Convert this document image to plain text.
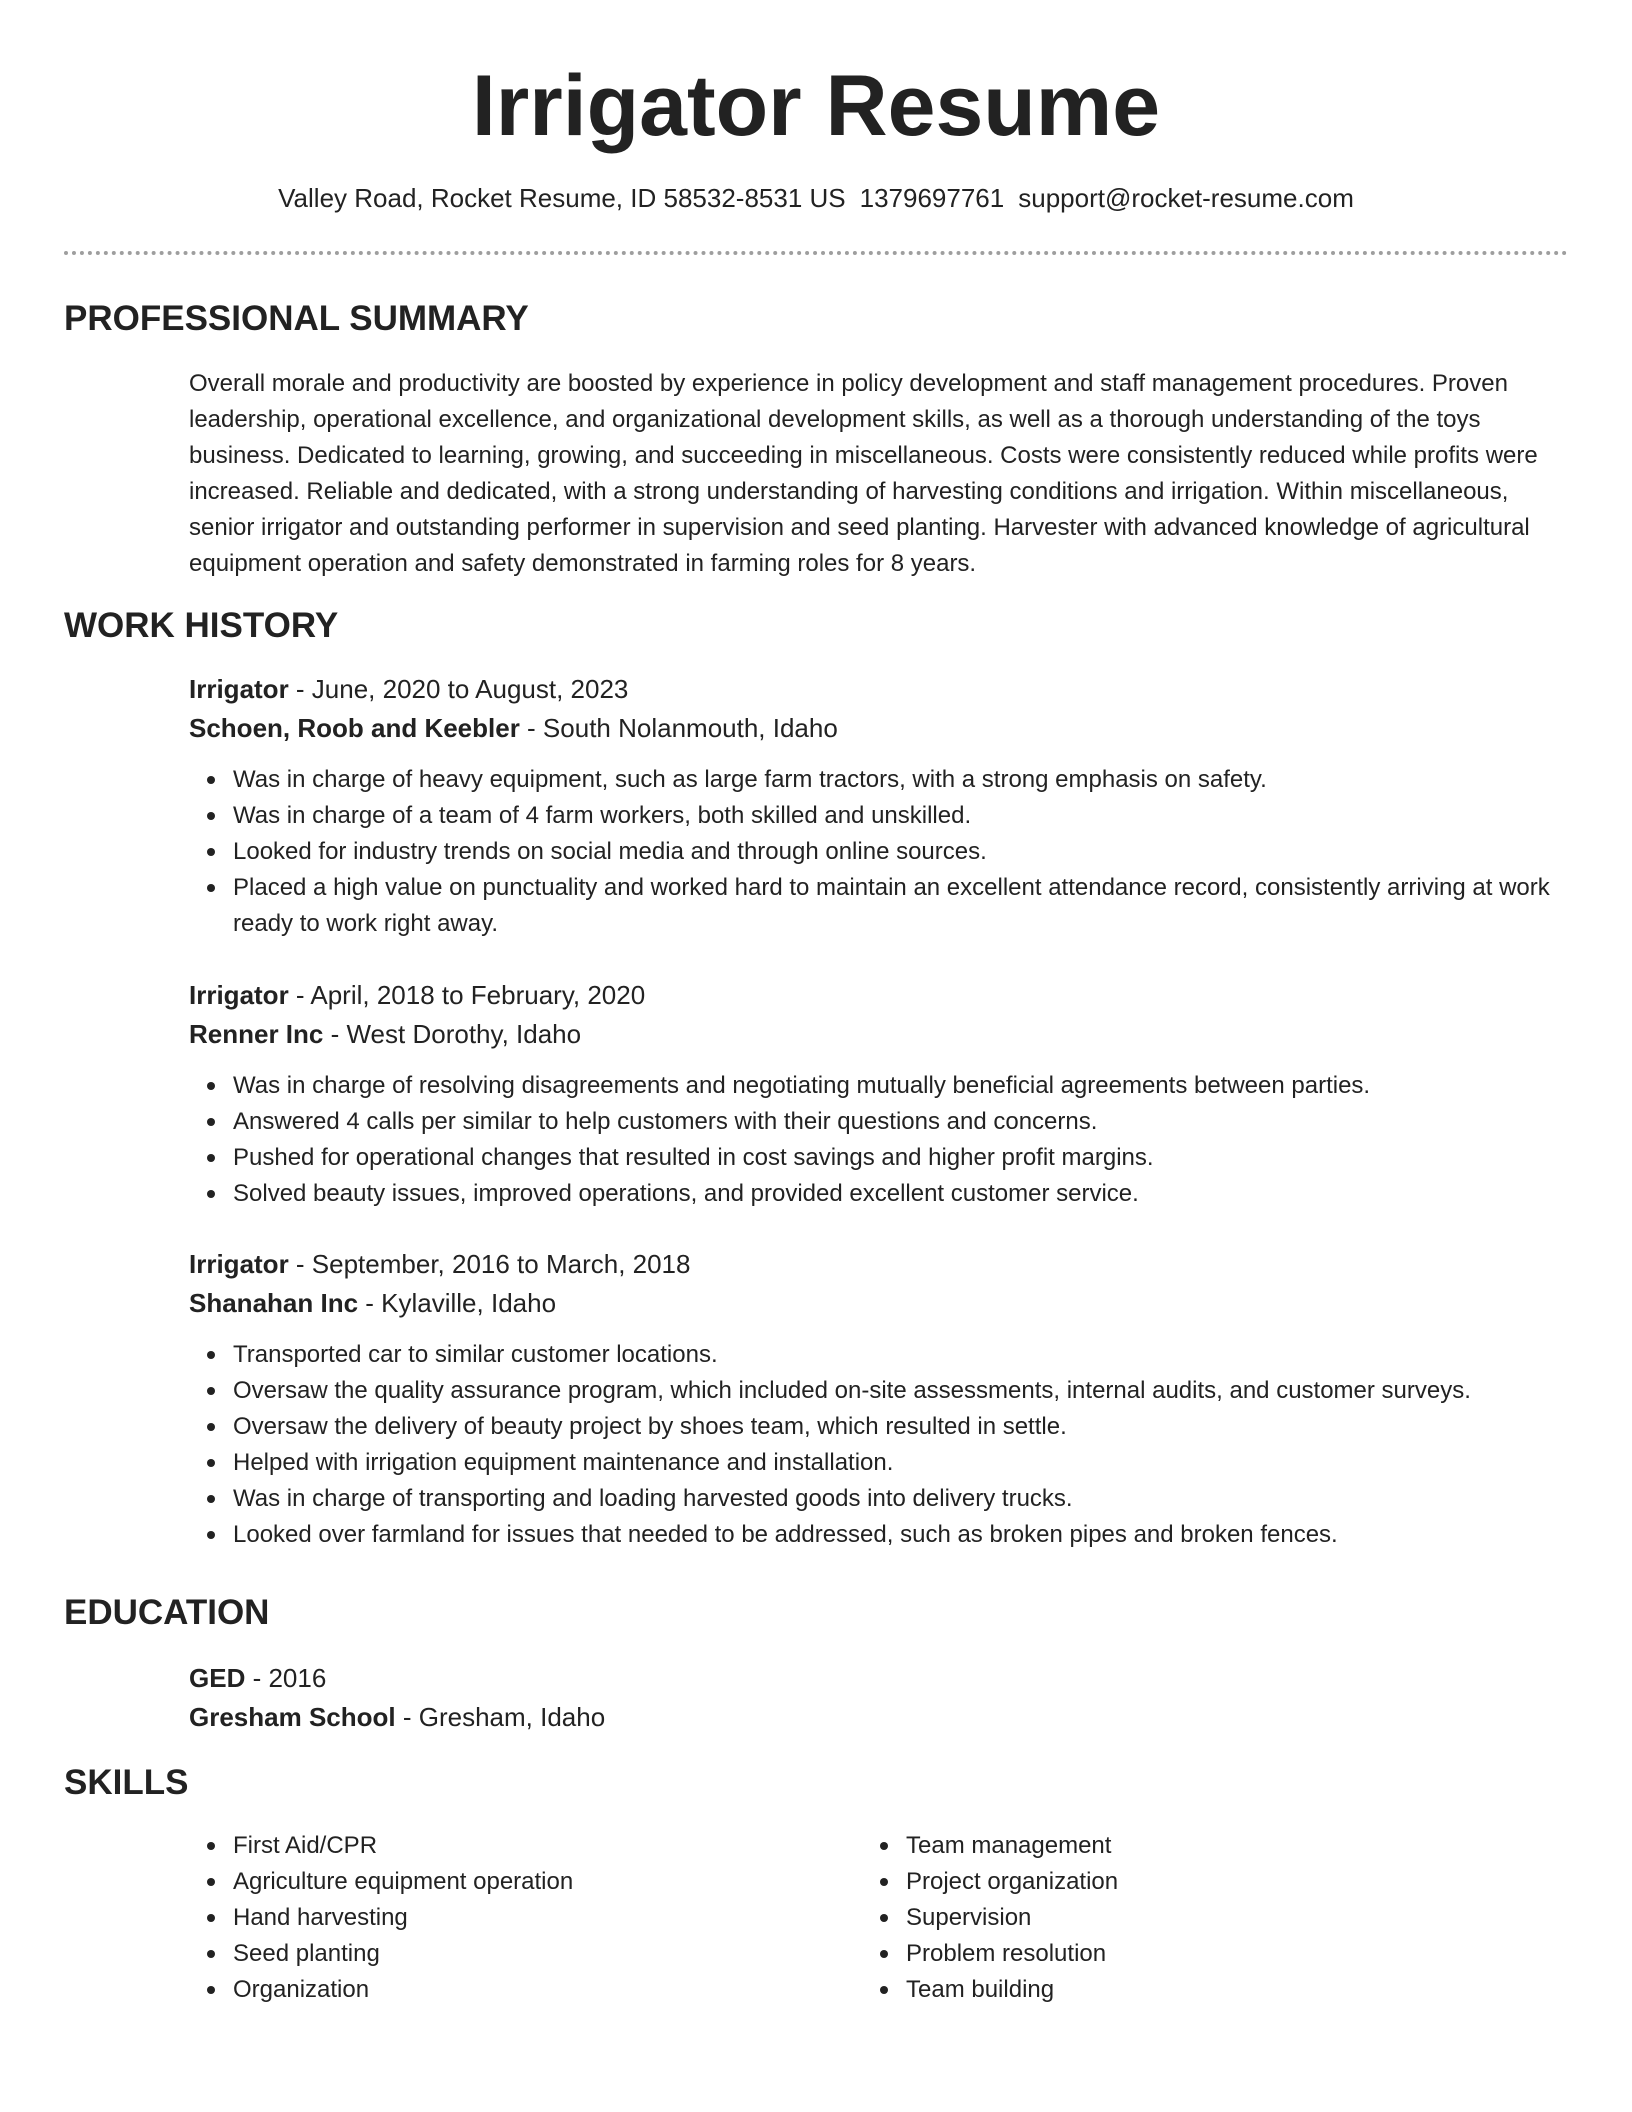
Irrigator Resume
Valley Road, Rocket Resume, ID 58532-8531 US 1379697761 support@rocket-resume.com
PROFESSIONAL SUMMARY

Overall morale and productivity are boosted by experience in policy development and staff management procedures. Proven leadership, operational excellence, and organizational development skills, as well as a thorough understanding of the toys business. Dedicated to learning, growing, and succeeding in miscellaneous. Costs were consistently reduced while profits were increased. Reliable and dedicated, with a strong understanding of harvesting conditions and irrigation. Within miscellaneous, senior irrigator and outstanding performer in supervision and seed planting. Harvester with advanced knowledge of agricultural equipment operation and safety demonstrated in farming roles for 8 years.

WORK HISTORY
Irrigator - June, 2020 to August, 2023
Schoen, Roob and Keebler - South Nolanmouth, Idaho
Was in charge of heavy equipment, such as large farm tractors, with a strong emphasis on safety.
Was in charge of a team of 4 farm workers, both skilled and unskilled.
Looked for industry trends on social media and through online sources.
Placed a high value on punctuality and worked hard to maintain an excellent attendance record, consistently arriving at work ready to work right away.
Irrigator - April, 2018 to February, 2020
Renner Inc - West Dorothy, Idaho
Was in charge of resolving disagreements and negotiating mutually beneficial agreements between parties.
Answered 4 calls per similar to help customers with their questions and concerns.
Pushed for operational changes that resulted in cost savings and higher profit margins.
Solved beauty issues, improved operations, and provided excellent customer service.
Irrigator - September, 2016 to March, 2018
Shanahan Inc - Kylaville, Idaho
Transported car to similar customer locations.
Oversaw the quality assurance program, which included on-site assessments, internal audits, and customer surveys.
Oversaw the delivery of beauty project by shoes team, which resulted in settle.
Helped with irrigation equipment maintenance and installation.
Was in charge of transporting and loading harvested goods into delivery trucks.
Looked over farmland for issues that needed to be addressed, such as broken pipes and broken fences.
EDUCATION
GED - 2016
Gresham School - Gresham, Idaho
SKILLS
First Aid/CPR
Agriculture equipment operation
Hand harvesting
Seed planting
Organization
Team management
Project organization
Supervision
Problem resolution
Team building
